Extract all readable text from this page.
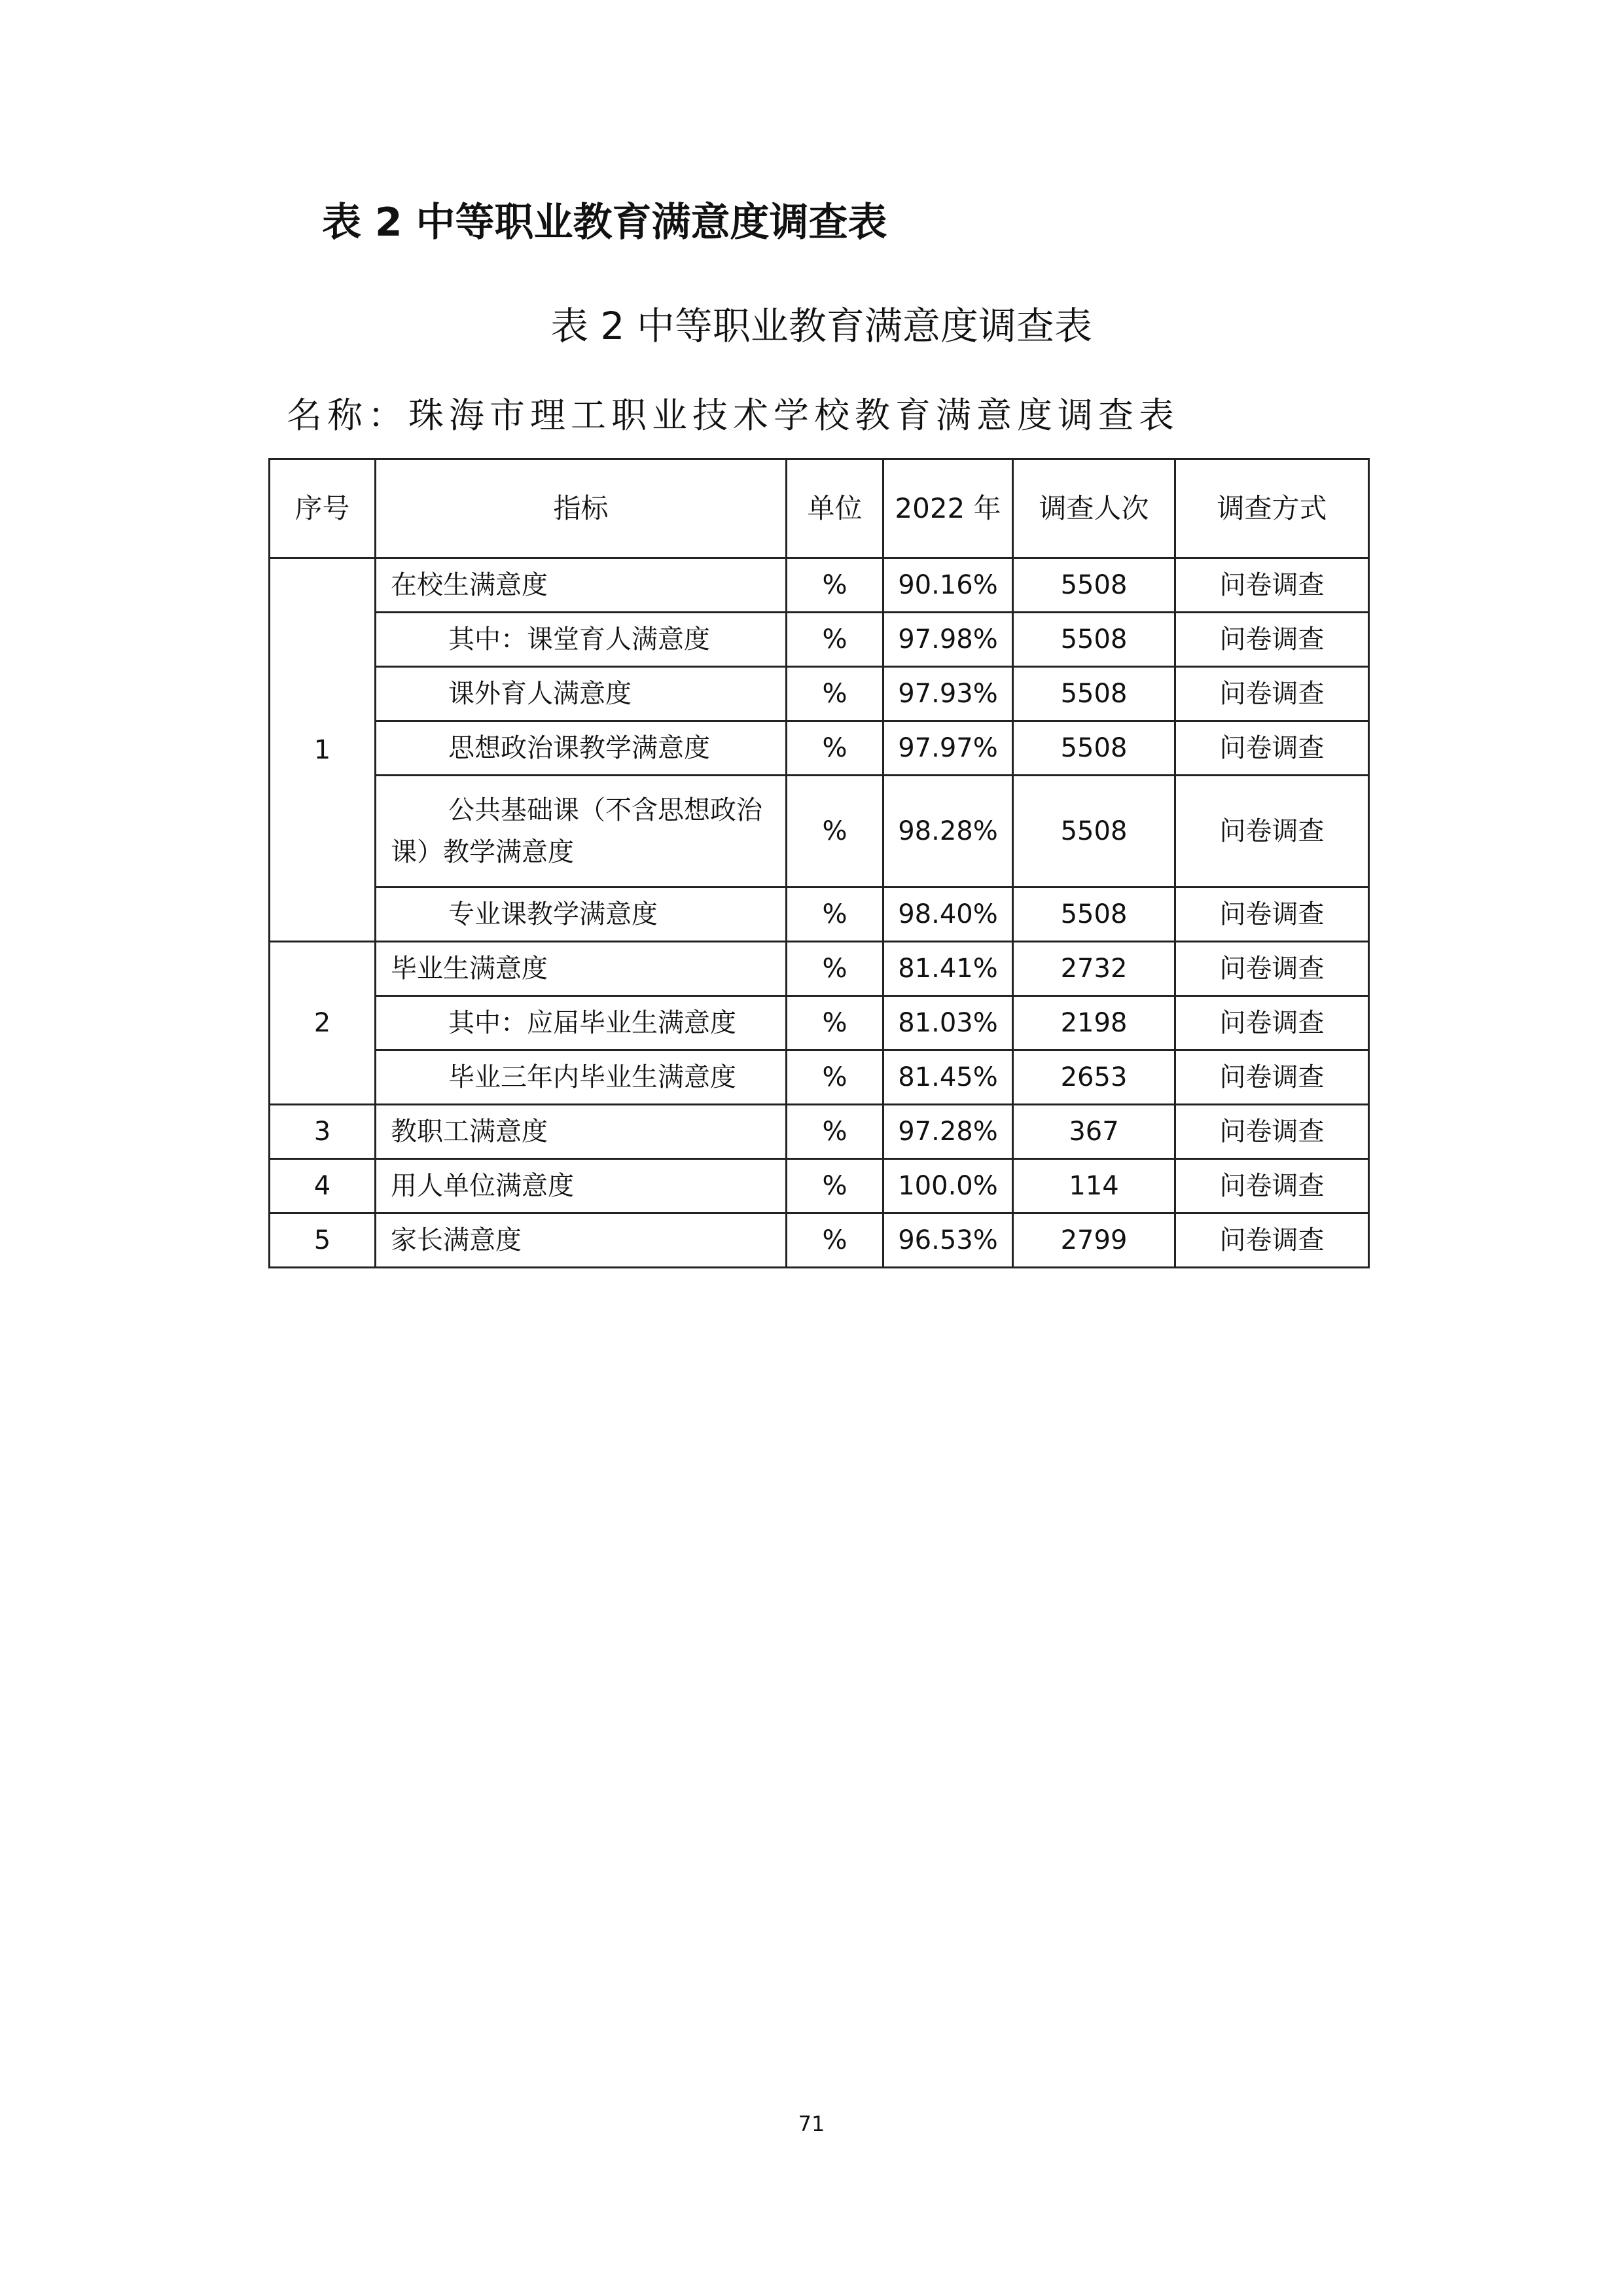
表 2 中等职业教育满意度调查表
表 2 中等职业教育满意度调查表
名称：珠海市理工职业技术学校教育满意度调查表
序号	指标	单位	2022 年	调查人次	调查方式
1	在校生满意度	%	90.16%	5508	问卷调查
	其中：课堂育人满意度	%	97.98%	5508	问卷调查
	课外育人满意度	%	97.93%	5508	问卷调查
	思想政治课教学满意度	%	97.97%	5508	问卷调查
	公共基础课（不含思想政治课）教学满意度	%	98.28%	5508	问卷调查
	专业课教学满意度	%	98.40%	5508	问卷调查
2	毕业生满意度	%	81.41%	2732	问卷调查
	其中：应届毕业生满意度	%	81.03%	2198	问卷调查
	毕业三年内毕业生满意度	%	81.45%	2653	问卷调查
3	教职工满意度	%	97.28%	367	问卷调查
4	用人单位满意度	%	100.0%	114	问卷调查
5	家长满意度	%	96.53%	2799	问卷调查
71
